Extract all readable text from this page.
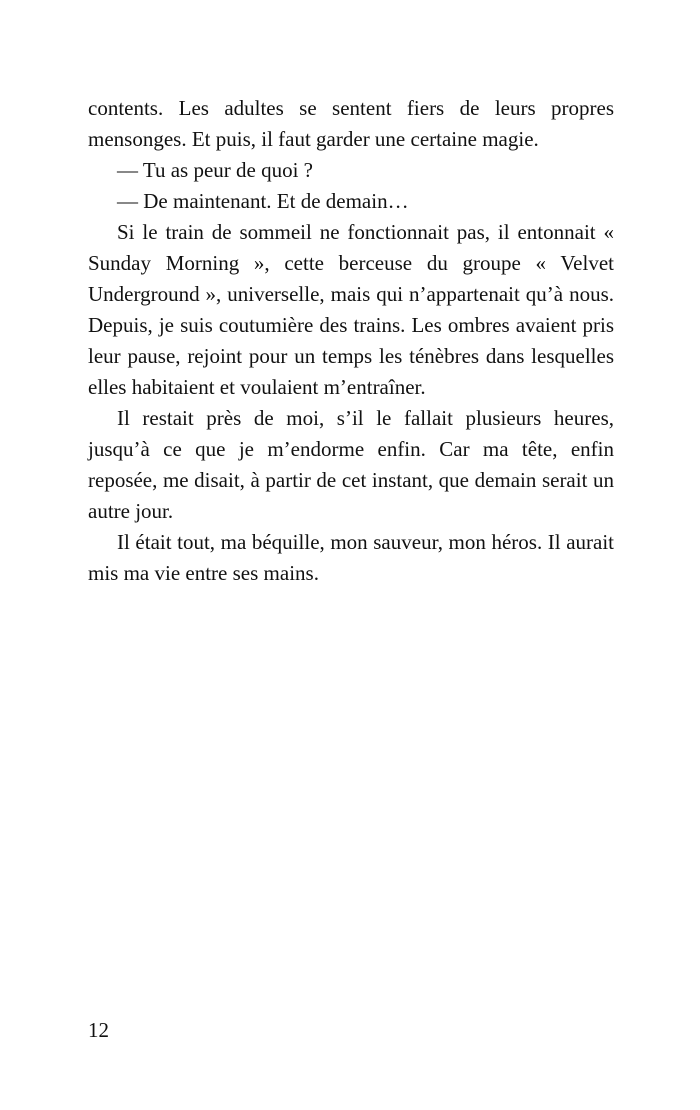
contents. Les adultes se sentent fiers de leurs propres mensonges. Et puis, il faut garder une certaine magie.

— Tu as peur de quoi ?

— De maintenant. Et de demain…

Si le train de sommeil ne fonctionnait pas, il entonnait « Sunday Morning », cette berceuse du groupe « Velvet Underground », universelle, mais qui n’appartenait qu’à nous. Depuis, je suis coutumière des trains. Les ombres avaient pris leur pause, rejoint pour un temps les ténèbres dans lesquelles elles habitaient et voulaient m’entraîner.

Il restait près de moi, s’il le fallait plusieurs heures, jusqu’à ce que je m’endorme enfin. Car ma tête, enfin reposée, me disait, à partir de cet instant, que demain serait un autre jour.

Il était tout, ma béquille, mon sauveur, mon héros. Il aurait mis ma vie entre ses mains.

12
